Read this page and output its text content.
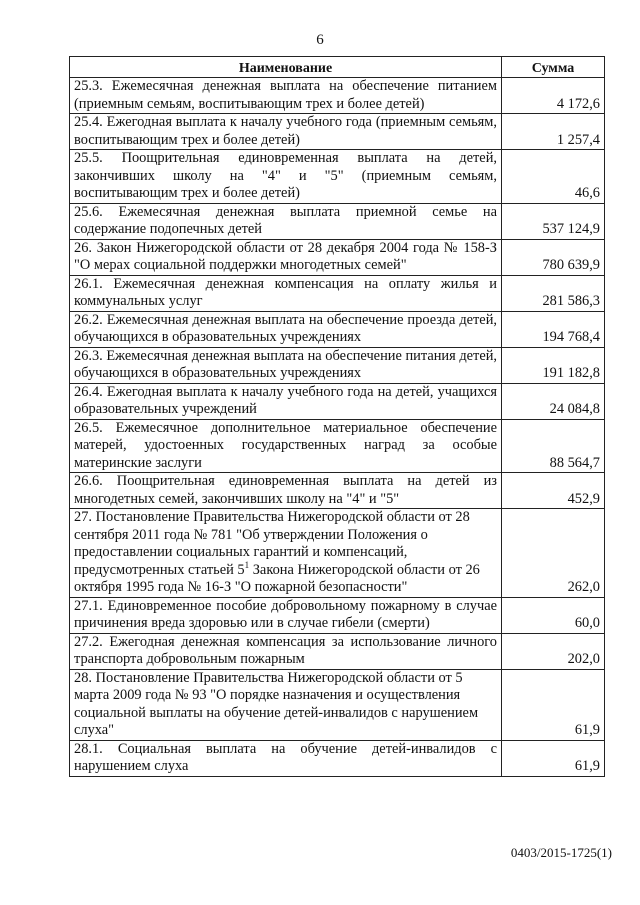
6
Наименование	Сумма
25.3. Ежемесячная денежная выплата на обеспечение питанием (приемным семьям, воспитывающим трех и более детей)	4 172,6
25.4. Ежегодная выплата к началу учебного года (приемным семьям, воспитывающим трех и более детей)	1 257,4
25.5. Поощрительная единовременная выплата на детей, закончивших школу на "4" и "5" (приемным семьям, воспитывающим трех и более детей)	46,6
25.6. Ежемесячная денежная выплата приемной семье на содержание подопечных детей	537 124,9
26. Закон Нижегородской области от 28 декабря 2004 года № 158-З "О мерах социальной поддержки многодетных семей"	780 639,9
26.1. Ежемесячная денежная компенсация на оплату жилья и коммунальных услуг	281 586,3
26.2. Ежемесячная денежная выплата на обеспечение проезда детей, обучающихся в образовательных учреждениях	194 768,4
26.3. Ежемесячная денежная выплата на обеспечение питания детей, обучающихся в образовательных учреждениях	191 182,8
26.4. Ежегодная выплата к началу учебного года на детей, учащихся образовательных учреждений	24 084,8
26.5. Ежемесячное дополнительное материальное обеспечение матерей, удостоенных государственных наград за особые материнские заслуги	88 564,7
26.6. Поощрительная единовременная выплата на детей из многодетных семей, закончивших школу на "4" и "5"	452,9
27. Постановление Правительства Нижегородской области от 28 сентября 2011 года № 781 "Об утверждении Положения о предоставлении социальных гарантий и компенсаций, предусмотренных статьей $5^1$ Закона Нижегородской области от 26 октября 1995 года № 16-З "О пожарной безопасности"	262,0
27.1. Единовременное пособие добровольному пожарному в случае причинения вреда здоровью или в случае гибели (смерти)	60,0
27.2. Ежегодная денежная компенсация за использование личного транспорта добровольным пожарным	202,0
28. Постановление Правительства Нижегородской области от 5 марта 2009 года № 93 "О порядке назначения и осуществления социальной выплаты на обучение детей-инвалидов с нарушением слуха"	61,9
28.1. Социальная выплата на обучение детей-инвалидов с нарушением слуха	61,9
0403/2015-1725(1)
